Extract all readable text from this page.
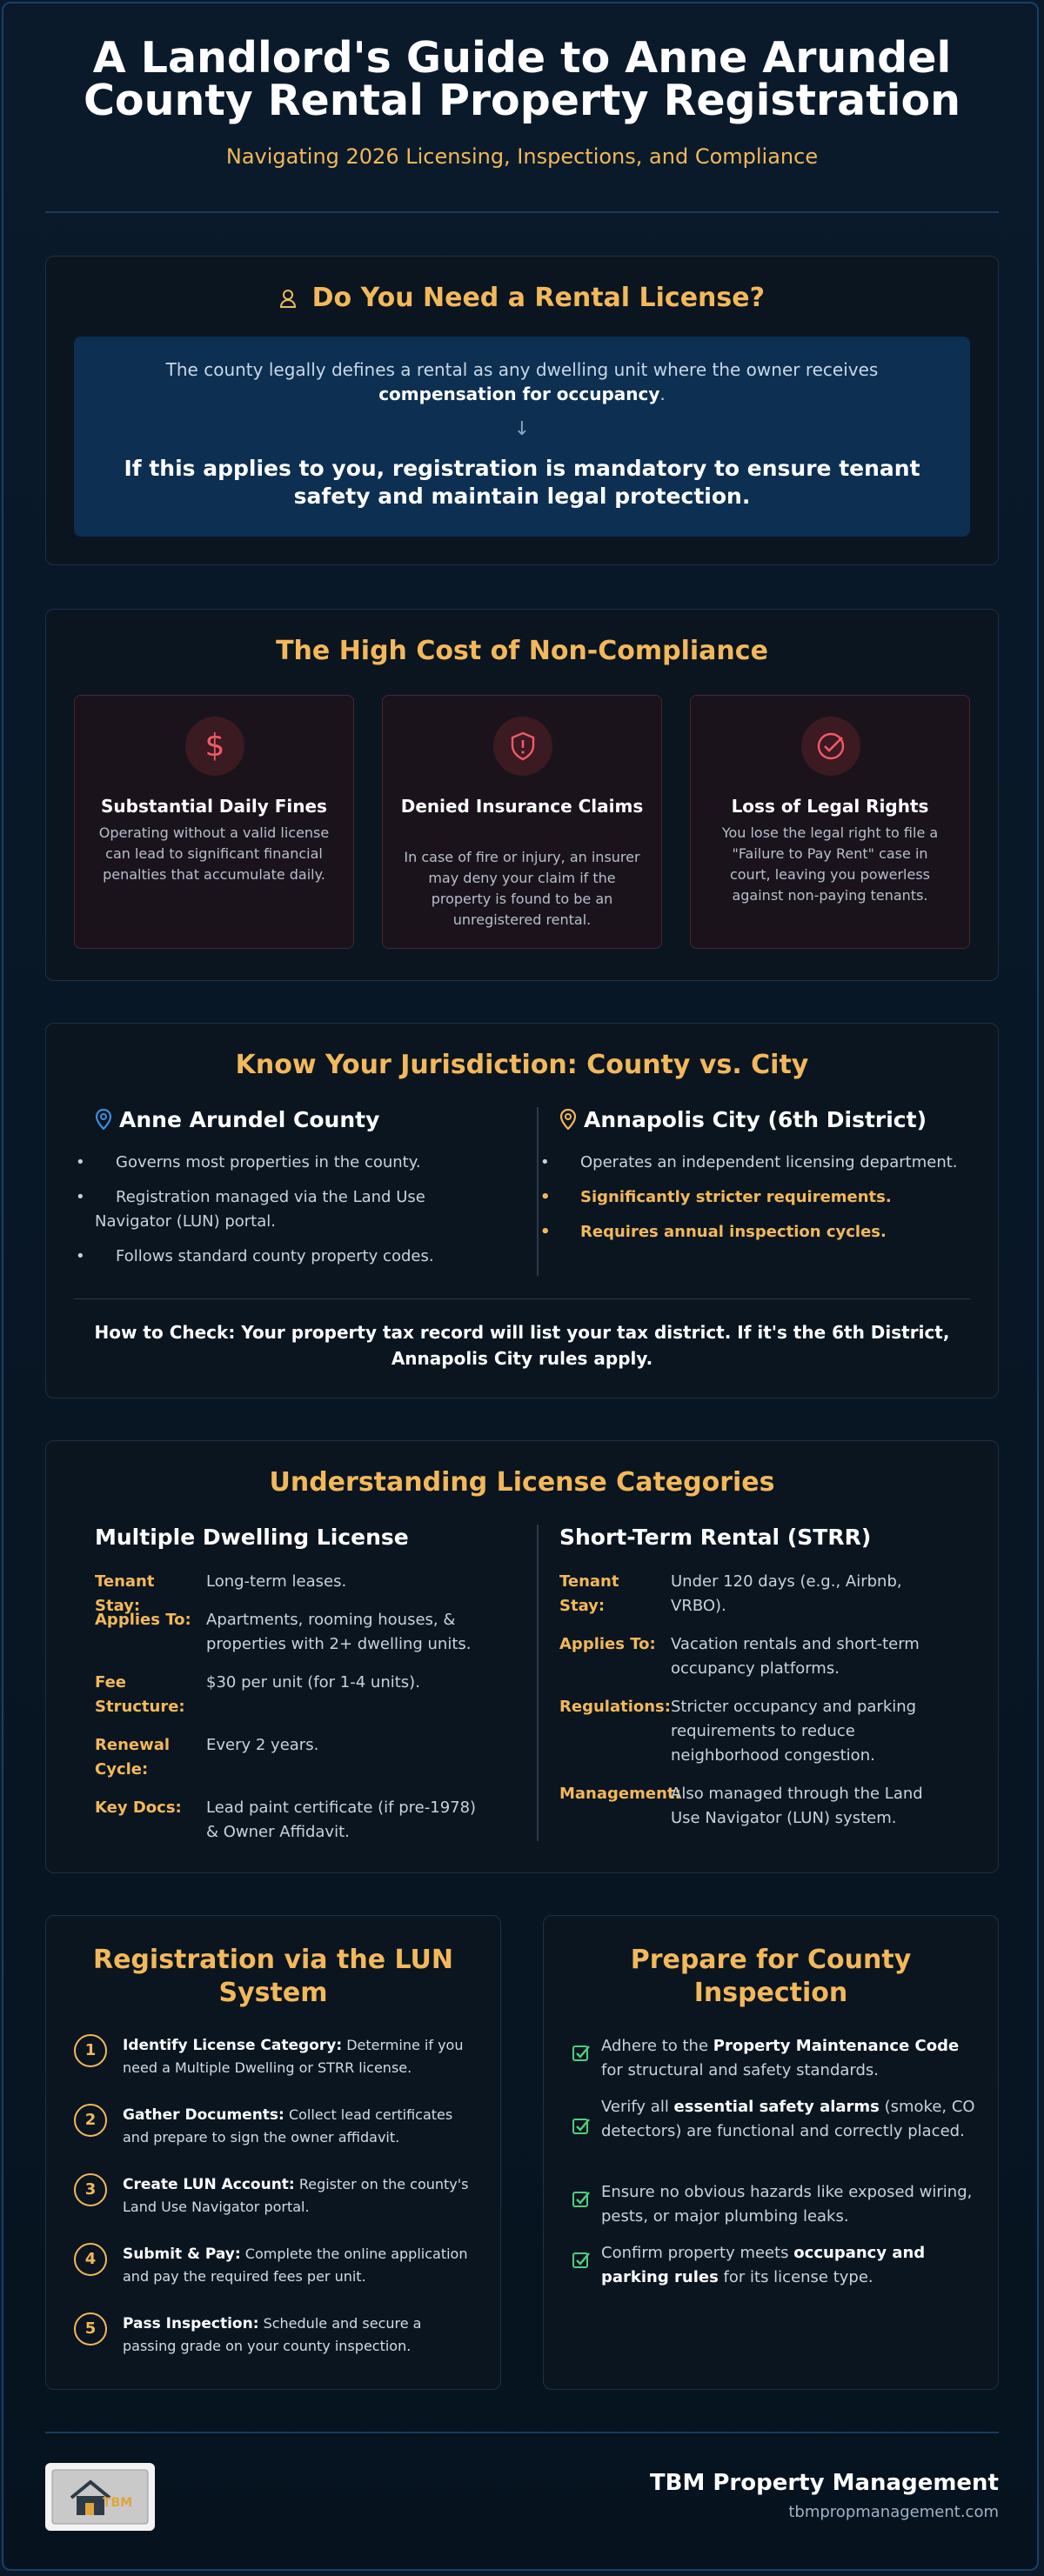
A Landlord's Guide to Anne Arundel
County Rental Property Registration
Navigating 2026 Licensing, Inspections, and Compliance
Do You Need a Rental License?
The county legally defines a rental as any dwelling unit where the owner receives compensation for occupancy.
↓
If this applies to you, registration is mandatory to ensure tenant safety and maintain legal protection.
The High Cost of Non-Compliance
$
Substantial Daily Fines
Operating without a valid license can lead to significant financial penalties that accumulate daily.
Denied Insurance Claims
In case of fire or injury, an insurer may deny your claim if the property is found to be an unregistered rental.
Loss of Legal Rights
You lose the legal right to file a "Failure to Pay Rent" case in court, leaving you powerless against non-paying tenants.
Know Your Jurisdiction: County vs. City
Anne Arundel County
• Governs most properties in the county.
• Registration managed via the Land Use Navigator (LUN) portal.
• Follows standard county property codes.
Annapolis City (6th District)
• Operates an independent licensing department.
• Significantly stricter requirements.
• Requires annual inspection cycles.
How to Check: Your property tax record will list your tax district. If it's the 6th District, Annapolis City rules apply.
Understanding License Categories
Multiple Dwelling License
Tenant Stay:
Long-term leases.
Applies To: Apartments, rooming houses, & properties with 2+ dwelling units.
Fee Structure:
$30 per unit (for 1-4 units).
Renewal Cycle:
Every 2 years.
Key Docs:	Lead paint certificate (if pre-1978) & Owner Affidavit.
Short-Term Rental (STRR)
Tenant Stay:
Under 120 days (e.g., Airbnb, VRBO).
Applies To: Vacation rentals and short-term occupancy platforms.
Regulations: Stricter occupancy and parking requirements to reduce neighborhood congestion.
Management:
Also managed through the Land Use Navigator (LUN) system.
Registration via the LUN
System
1	Identify License Category: Determine if you need a Multiple Dwelling or STRR license.
2	Gather Documents: Collect lead certificates and prepare to sign the owner affidavit.
3	Create LUN Account: Register on the county's Land Use Navigator portal.
4	Submit & Pay: Complete the online application and pay the required fees per unit.
5	Pass Inspection: Schedule and secure a passing grade on your county inspection.
Prepare for County
Inspection
Adhere to the Property Maintenance Code for structural and safety standards.
Verify all essential safety alarms (smoke, CO detectors) are functional and correctly placed.
Ensure no obvious hazards like exposed wiring, pests, or major plumbing leaks.
Confirm property meets occupancy and parking rules for its license type.
TBM
TBM Property Management
tbmpropmanagement.com
